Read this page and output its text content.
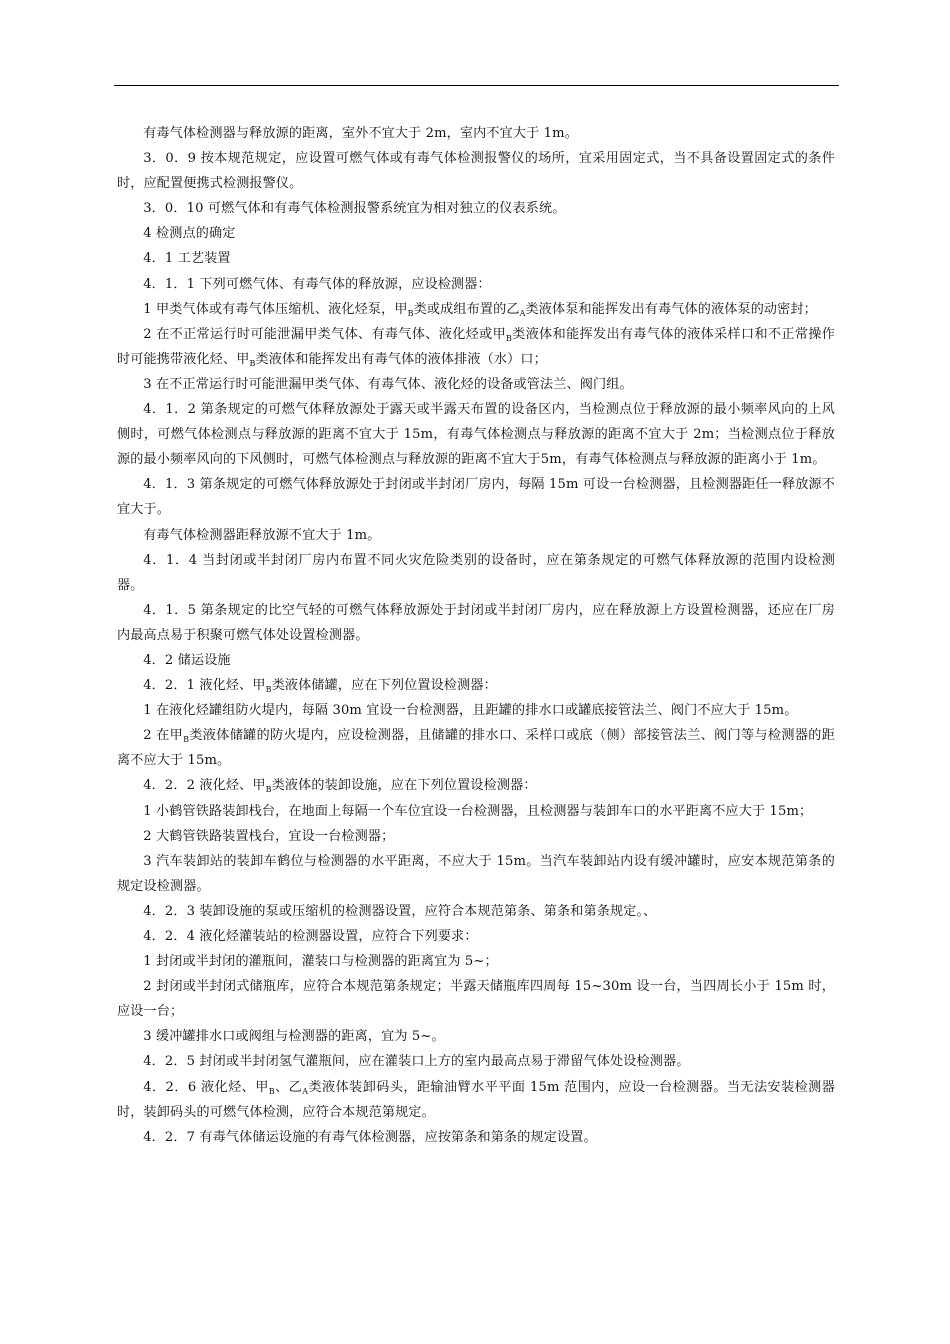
有毒气体检测器与释放源的距离，室外不宜大于 2m，室内不宜大于 1m。

3．0．9 按本规范规定，应设置可燃气体或有毒气体检测报警仪的场所，宜采用固定式，当不具备设置固定式的条件时，应配置便携式检测报警仪。

3．0．10 可燃气体和有毒气体检测报警系统宜为相对独立的仪表系统。

4 检测点的确定

4．1 工艺装置

4．1．1 下列可燃气体、有毒气体的释放源，应设检测器：

1 甲类气体或有毒气体压缩机、液化烃泵，甲$_B$类或成组布置的乙$_A$类液体泵和能挥发出有毒气体的液体泵的动密封；

2 在不正常运行时可能泄漏甲类气体、有毒气体、液化烃或甲$_B$类液体和能挥发出有毒气体的液体采样口和不正常操作时可能携带液化烃、甲$_B$类液体和能挥发出有毒气体的液体排液（水）口；

3 在不正常运行时可能泄漏甲类气体、有毒气体、液化烃的设备或管法兰、阀门组。

4．1．2 第条规定的可燃气体释放源处于露天或半露天布置的设备区内，当检测点位于释放源的最小频率风向的上风侧时，可燃气体检测点与释放源的距离不宜大于 15m，有毒气体检测点与释放源的距离不宜大于 2m；当检测点位于释放源的最小频率风向的下风侧时，可燃气体检测点与释放源的距离不宜大于5m，有毒气体检测点与释放源的距离小于 1m。

4．1．3 第条规定的可燃气体释放源处于封闭或半封闭厂房内，每隔 15m 可设一台检测器，且检测器距任一释放源不宜大于。

有毒气体检测器距释放源不宜大于 1m。

4．1．4 当封闭或半封闭厂房内布置不同火灾危险类别的设备时，应在第条规定的可燃气体释放源的范围内设检测器。

4．1．5 第条规定的比空气轻的可燃气体释放源处于封闭或半封闭厂房内，应在释放源上方设置检测器，还应在厂房内最高点易于积聚可燃气体处设置检测器。

4．2 储运设施

4．2．1 液化烃、甲$_B$类液体储罐，应在下列位置设检测器：

1 在液化烃罐组防火堤内，每隔 30m 宜设一台检测器，且距罐的排水口或罐底接管法兰、阀门不应大于 15m。

2 在甲$_B$类液体储罐的防火堤内，应设检测器，且储罐的排水口、采样口或底（侧）部接管法兰、阀门等与检测器的距离不应大于 15m。

4．2．2 液化烃、甲$_B$类液体的装卸设施，应在下列位置设检测器：

1 小鹤管铁路装卸栈台，在地面上每隔一个车位宜设一台检测器，且检测器与装卸车口的水平距离不应大于 15m；

2 大鹤管铁路装置栈台，宜设一台检测器；

3 汽车装卸站的装卸车鹤位与检测器的水平距离，不应大于 15m。当汽车装卸站内设有缓冲罐时，应安本规范第条的规定设检测器。

4．2．3 装卸设施的泵或压缩机的检测器设置，应符合本规范第条、第条和第条规定。、

4．2．4 液化烃灌装站的检测器设置，应符合下列要求：

1 封闭或半封闭的灌瓶间，灌装口与检测器的距离宜为 5~；

2 封闭或半封闭式储瓶库，应符合本规范第条规定；半露天储瓶库四周每 15~30m 设一台，当四周长小于 15m 时，应设一台；

3 缓冲罐排水口或阀组与检测器的距离，宜为 5~。

4．2．5 封闭或半封闭氢气灌瓶间，应在灌装口上方的室内最高点易于滞留气体处设检测器。

4．2．6 液化烃、甲$_B$、乙$_A$类液体装卸码头，距输油臂水平平面 15m 范围内，应设一台检测器。当无法安装检测器时，装卸码头的可燃气体检测，应符合本规范第规定。

4．2．7 有毒气体储运设施的有毒气体检测器，应按第条和第条的规定设置。
